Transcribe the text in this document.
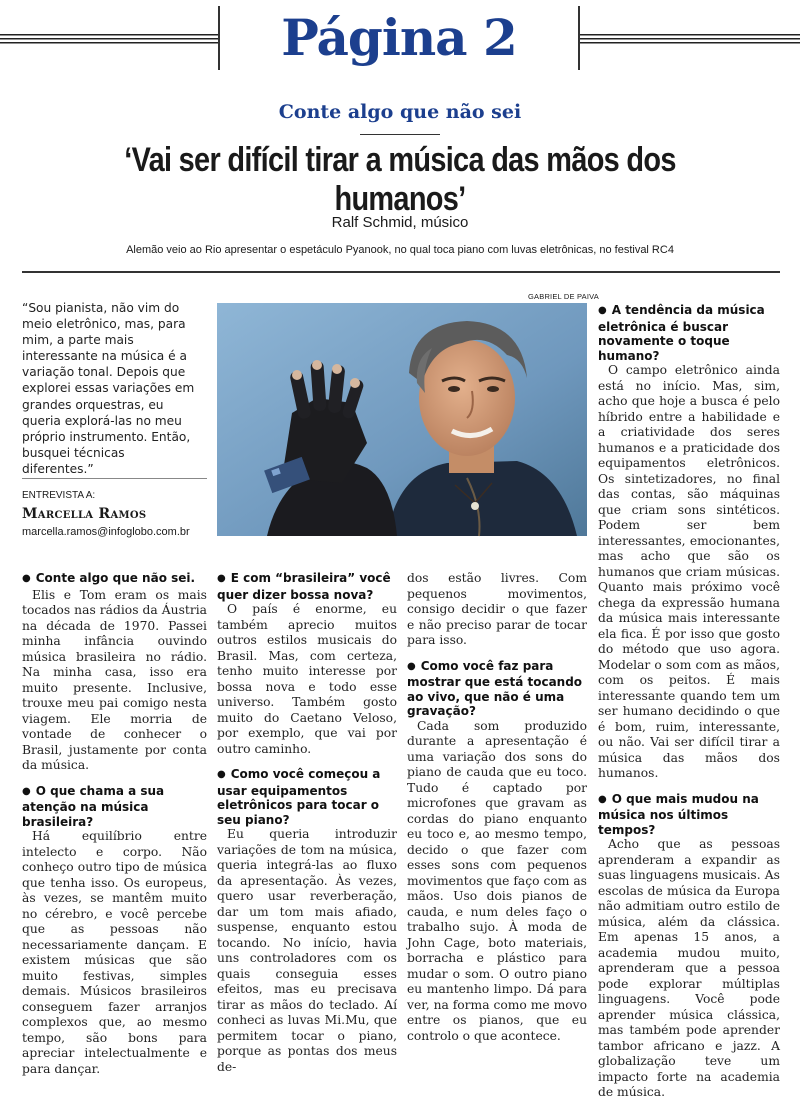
Página 2
Conte algo que não sei
‘Vai ser difícil tirar a música das mãos dos humanos’
Ralf Schmid, músico
Alemão veio ao Rio apresentar o espetáculo Pyanook, no qual toca piano com luvas eletrônicas, no festival RC4
“Sou pianista, não vim do meio eletrônico, mas, para mim, a parte mais interessante na música é a variação tonal. Depois que explorei essas variações em grandes orquestras, eu queria explorá-las no meu próprio instrumento. Então, busquei técnicas diferentes.”
ENTREVISTA A:
Marcella Ramos
marcella.ramos@infoglobo.com.br
GABRIEL DE PAIVA

● Conte algo que não sei.

Elis e Tom eram os mais tocados nas rádios da Áustria na década de 1970. Passei minha infância ouvindo música brasileira no rádio. Na minha casa, isso era muito presente. Inclusive, trouxe meu pai comigo nesta viagem. Ele morria de vontade de conhecer o Brasil, justamente por conta da música.

● O que chama a sua atenção na música brasileira?

Há equilíbrio entre intelecto e corpo. Não conheço outro tipo de música que tenha isso. Os europeus, às vezes, se mantêm muito no cérebro, e você percebe que as pessoas não necessariamente dançam. E existem músicas que são muito festivas, simples demais. Músicos brasileiros conseguem fazer arranjos complexos que, ao mesmo tempo, são bons para apreciar intelectualmente e para dançar.

● E com “brasileira” você quer dizer bossa nova?

O país é enorme, eu também aprecio muitos outros estilos musicais do Brasil. Mas, com certeza, tenho muito interesse por bossa nova e todo esse universo. Também gosto muito do Caetano Veloso, por exemplo, que vai por outro caminho.

● Como você começou a usar equipamentos eletrônicos para tocar o seu piano?

Eu queria introduzir variações de tom na música, queria integrá-las ao fluxo da apresentação. Às vezes, quero usar reverberação, dar um tom mais afiado, suspense, enquanto estou tocando. No início, havia uns controladores com os quais conseguia esses efeitos, mas eu precisava tirar as mãos do teclado. Aí conheci as luvas Mi.Mu, que permitem tocar o piano, porque as pontas dos meus de-

dos estão livres. Com pequenos movimentos, consigo decidir o que fazer e não preciso parar de tocar para isso.

● Como você faz para mostrar que está tocando ao vivo, que não é uma gravação?

Cada som produzido durante a apresentação é uma variação dos sons do piano de cauda que eu toco. Tudo é captado por microfones que gravam as cordas do piano enquanto eu toco e, ao mesmo tempo, decido o que fazer com esses sons com pequenos movimentos que faço com as mãos. Uso dois pianos de cauda, e num deles faço o trabalho sujo. À moda de John Cage, boto materiais, borracha e plástico para mudar o som. O outro piano eu mantenho limpo. Dá para ver, na forma como me movo entre os pianos, que eu controlo o que acontece.

● A tendência da música eletrônica é buscar novamente o toque humano?

O campo eletrônico ainda está no início. Mas, sim, acho que hoje a busca é pelo híbrido entre a habilidade e a criatividade dos seres humanos e a praticidade dos equipamentos eletrônicos. Os sintetizadores, no final das contas, são máquinas que criam sons sintéticos. Podem ser bem interessantes, emocionantes, mas acho que são os humanos que criam músicas. Quanto mais próximo você chega da expressão humana da música mais interessante ela fica. É por isso que gosto do método que uso agora. Modelar o som com as mãos, com os peitos. É mais interessante quando tem um ser humano decidindo o que é bom, ruim, interessante, ou não. Vai ser difícil tirar a música das mãos dos humanos.

● O que mais mudou na música nos últimos tempos?

Acho que as pessoas aprenderam a expandir as suas linguagens musicais. As escolas de música da Europa não admitiam outro estilo de música, além da clássica. Em apenas 15 anos, a academia mudou muito, aprenderam que a pessoa pode explorar múltiplas linguagens. Você pode aprender música clássica, mas também pode aprender tambor africano e jazz. A globalização teve um impacto forte na academia de música.
